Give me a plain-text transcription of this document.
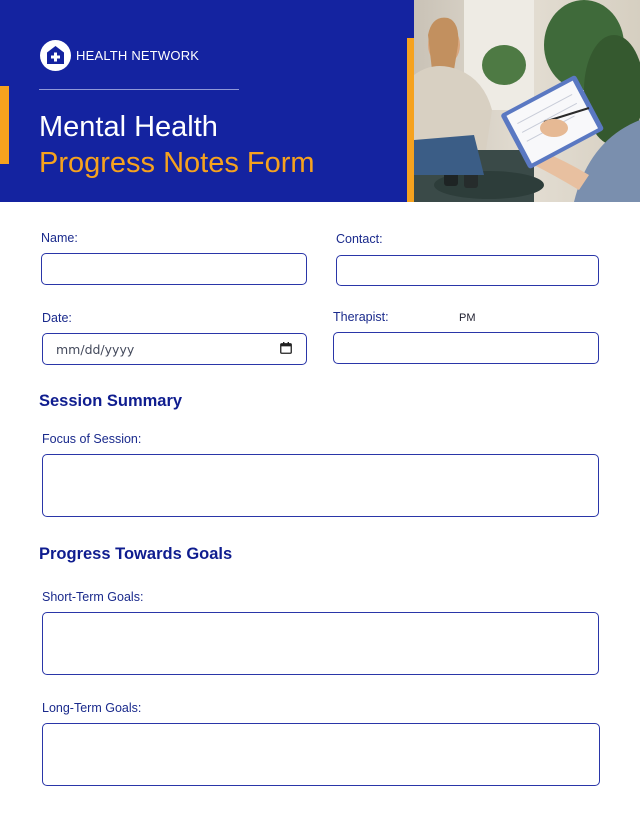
HEALTH NETWORK
Mental Health
Progress Notes Form
Name:	Contact:
Date:	Therapist:	PM
mm/dd/yyyy
Session Summary
Focus of Session:
Progress Towards Goals
Short-Term Goals:
Long-Term Goals:
